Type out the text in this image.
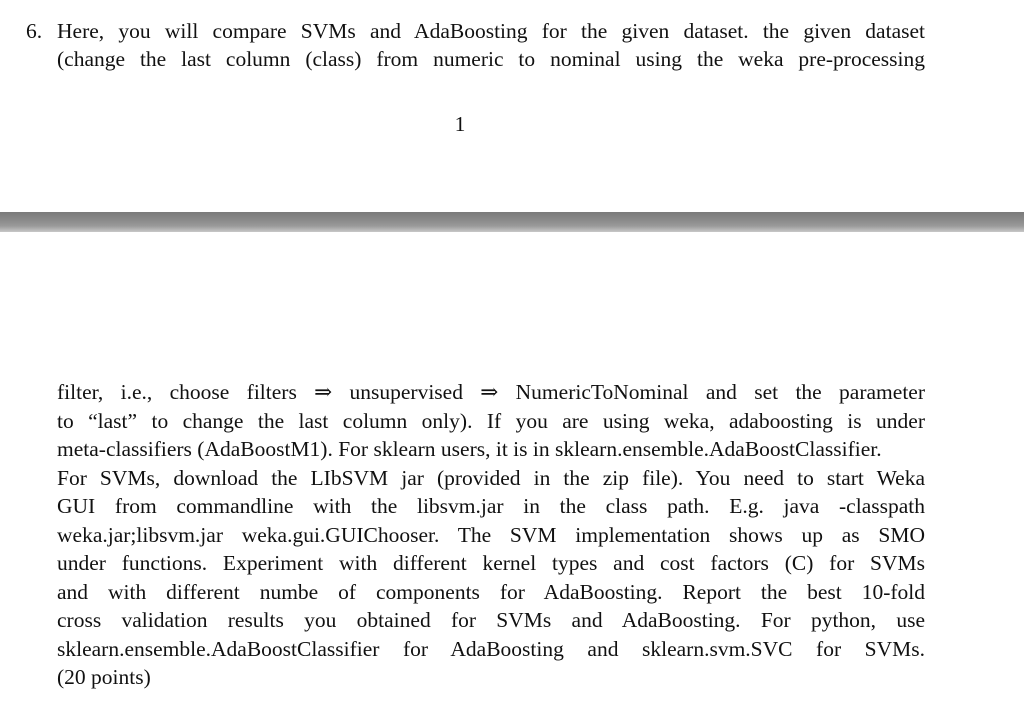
6. Here, you will compare SVMs and AdaBoosting for the given dataset. the given dataset
(change the last column (class) from numeric to nominal using the weka pre-processing
1
filter, i.e., choose filters ⇒ unsupervised ⇒ NumericToNominal and set the parameter
to “last” to change the last column only). If you are using weka, adaboosting is under
meta-classifiers (AdaBoostM1). For sklearn users, it is in sklearn.ensemble.AdaBoostClassifier.
For SVMs, download the LIbSVM jar (provided in the zip file). You need to start Weka
GUI from commandline with the libsvm.jar in the class path. E.g. java -classpath
weka.jar;libsvm.jar weka.gui.GUIChooser. The SVM implementation shows up as SMO
under functions. Experiment with different kernel types and cost factors (C) for SVMs
and with different numbe of components for AdaBoosting. Report the best 10-fold
cross validation results you obtained for SVMs and AdaBoosting. For python, use
sklearn.ensemble.AdaBoostClassifier for AdaBoosting and sklearn.svm.SVC for SVMs.
(20 points)
